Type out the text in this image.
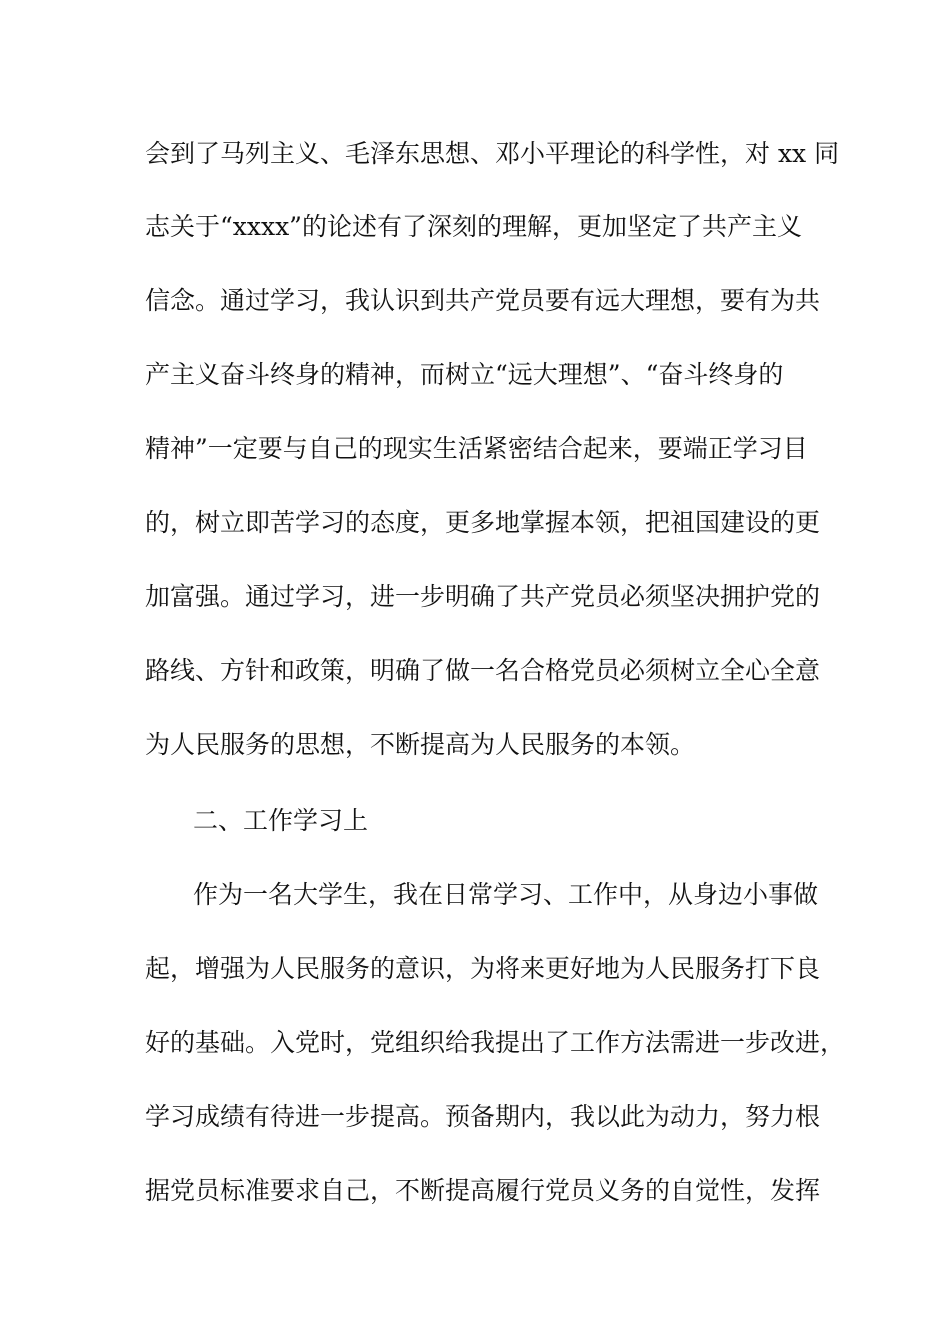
会到了马列主义、毛泽东思想、邓小平理论的科学性，对 xx 同
志关于“xxxx”的论述有了深刻的理解，更加坚定了共产主义
信念。通过学习，我认识到共产党员要有远大理想，要有为共
产主义奋斗终身的精神，而树立“远大理想”、“奋斗终身的
精神”一定要与自己的现实生活紧密结合起来，要端正学习目
的，树立即苦学习的态度，更多地掌握本领，把祖国建设的更
加富强。通过学习，进一步明确了共产党员必须坚决拥护党的
路线、方针和政策，明确了做一名合格党员必须树立全心全意
为人民服务的思想，不断提高为人民服务的本领。
二、工作学习上
作为一名大学生，我在日常学习、工作中，从身边小事做
起，增强为人民服务的意识，为将来更好地为人民服务打下良
好的基础。入党时，党组织给我提出了工作方法需进一步改进，
学习成绩有待进一步提高。预备期内，我以此为动力，努力根
据党员标准要求自己，不断提高履行党员义务的自觉性，发挥
